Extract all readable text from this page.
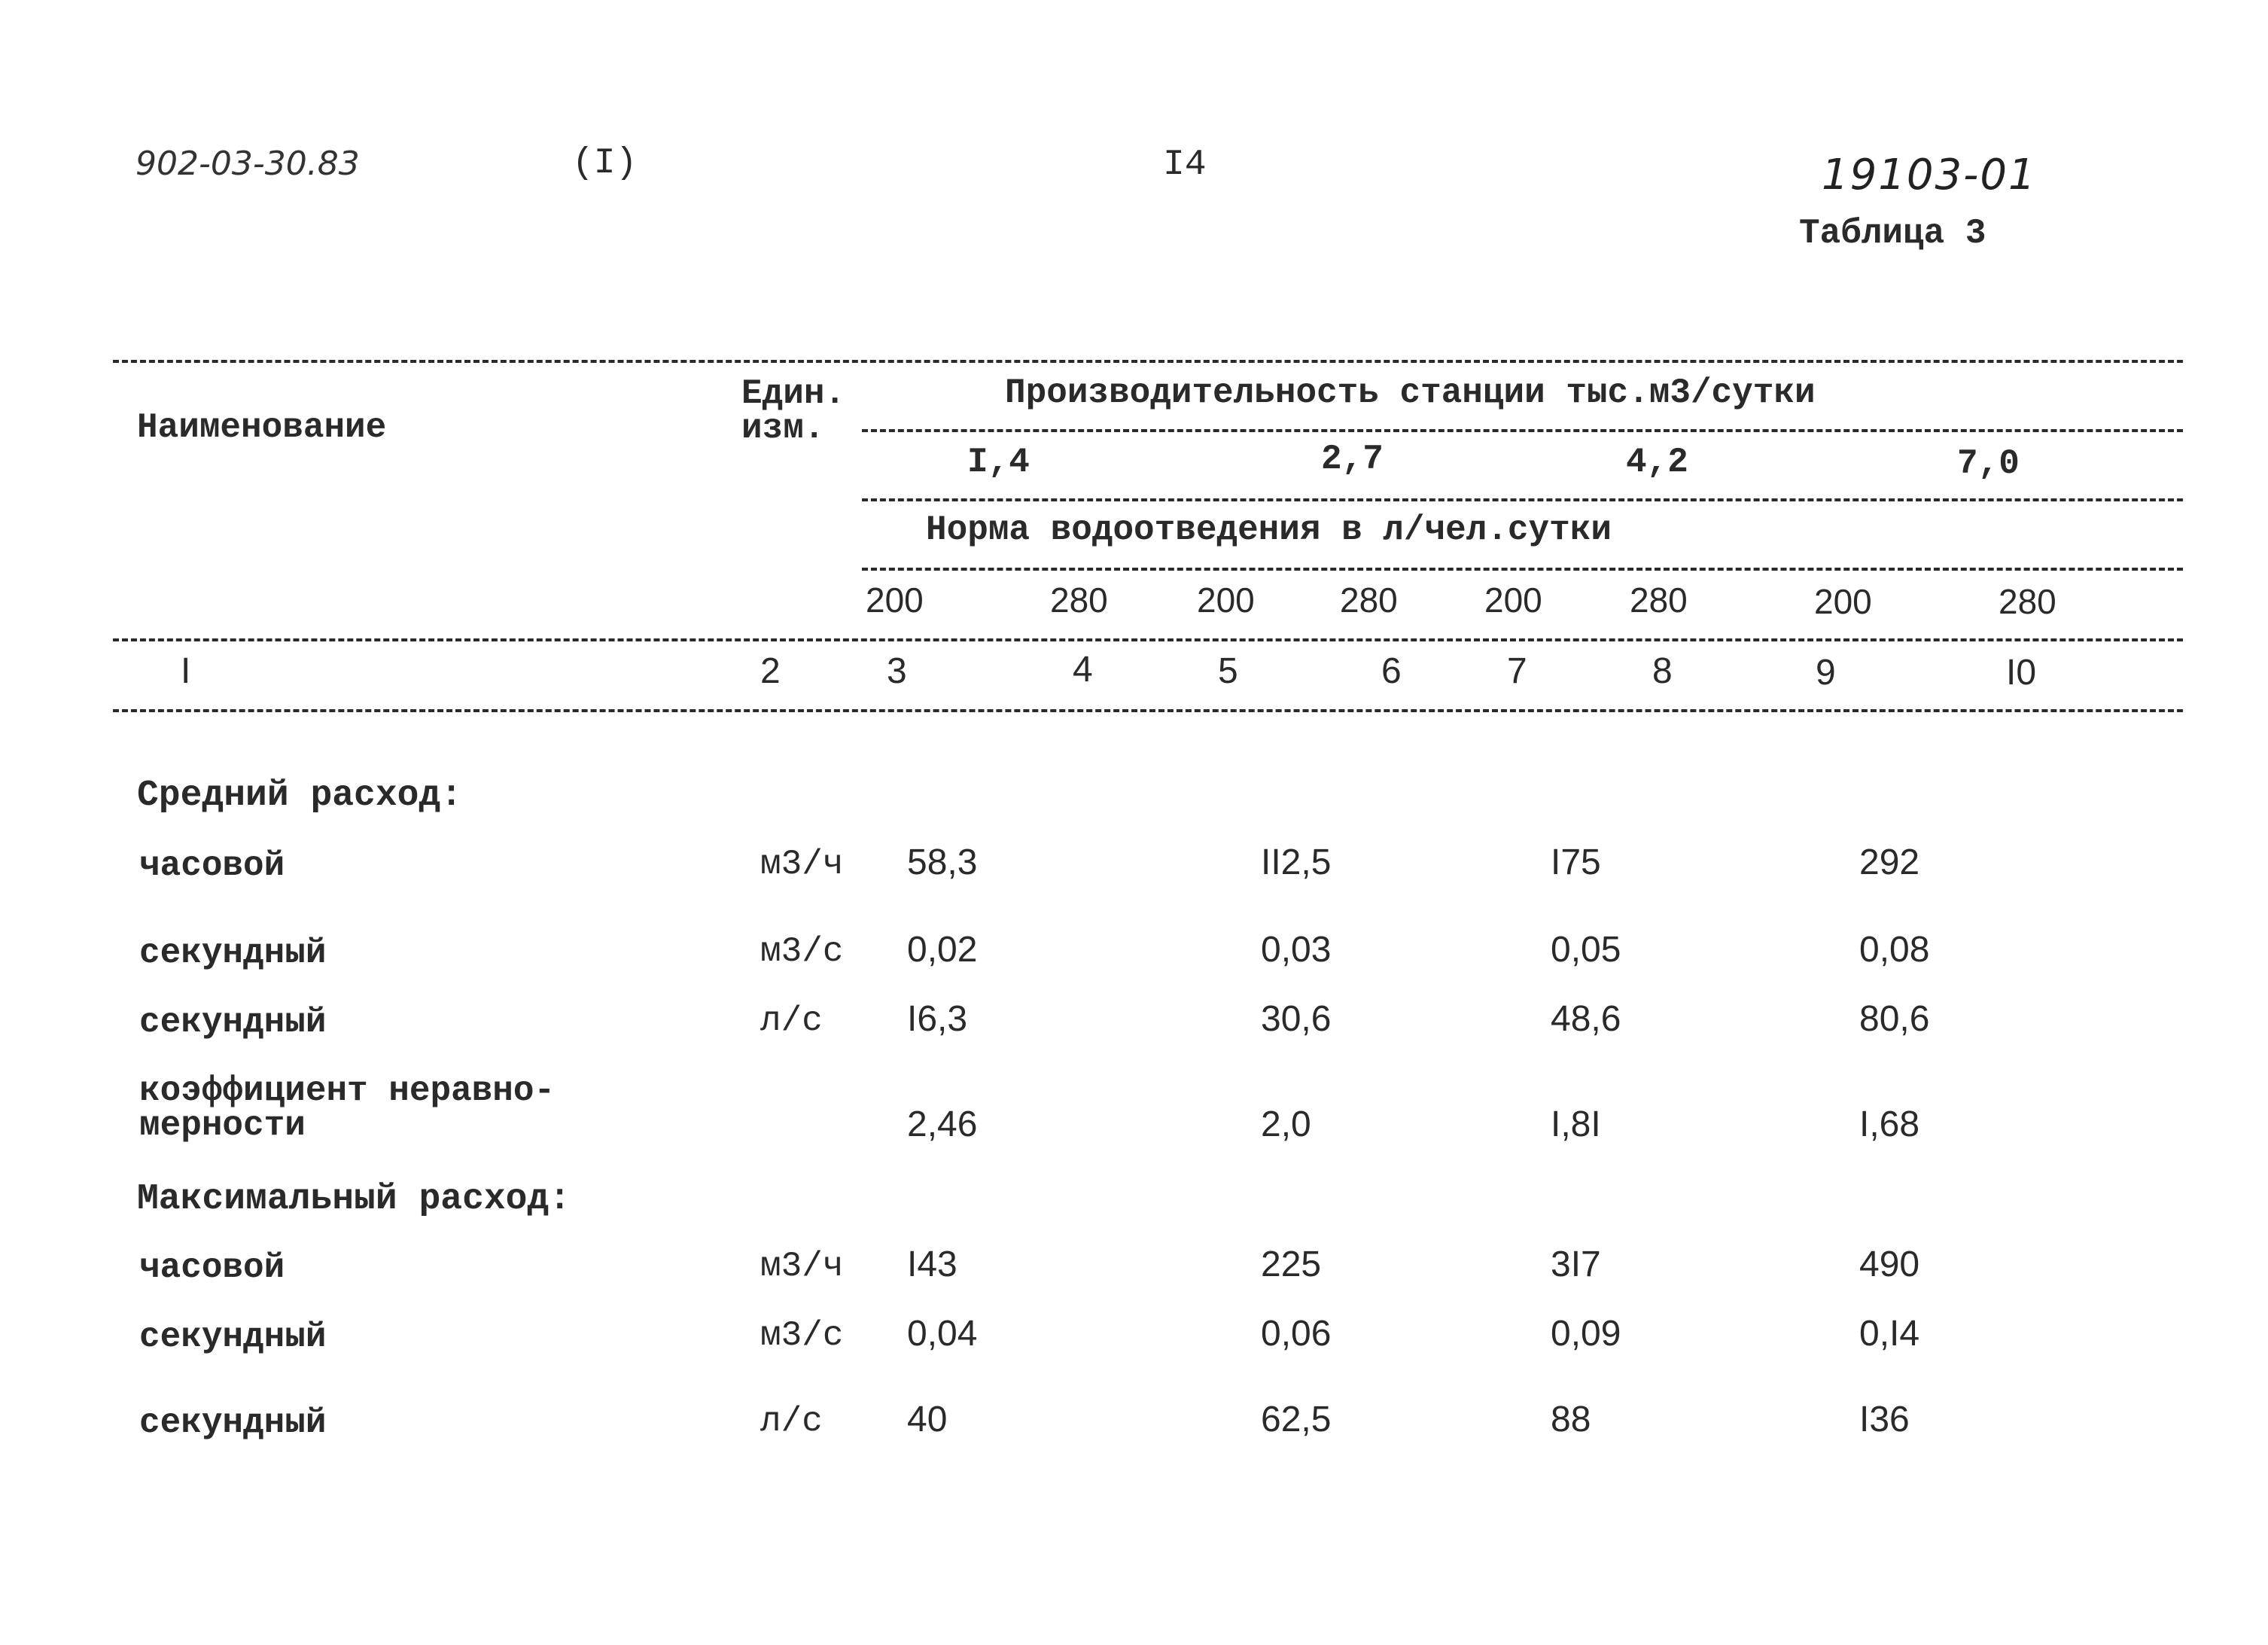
902-03-30.83	(I)	I4	19103-01
Таблица 3
Наименование
Един. изм.
Производительность станции тыс.м3/сутки
I,4	2,7	4,2	7,0
Норма водоотведения в л/чел.сутки
200	280	200 280	200	280	200	280
I	2	3	4	5	6	7	8	9	I0
Средний расход:
часовой	м3/ч 58,3	II2,5	I75	292
секундный	м3/с 0,02	0,03	0,05	0,08
секундный	л/с I6,3	30,6	48,6	80,6
коэффициент неравно-
мерности	2,46	2,0	I,8I	I,68
Максимальный расход:
часовой	м3/ч I43	225	3I7	490
секундный	м3/с 0,04	0,06	0,09	0,I4
секундный	л/с 40	62,5	88	I36
